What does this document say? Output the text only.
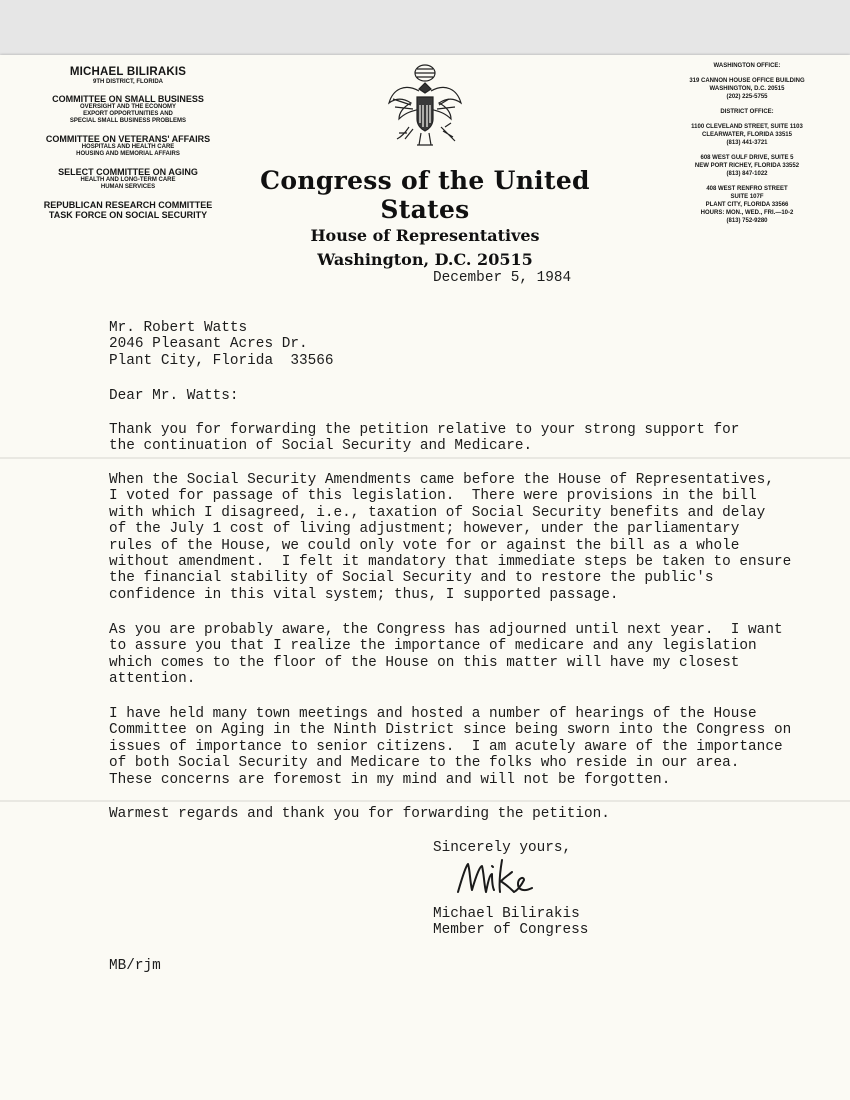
MICHAEL BILIRAKIS
9TH DISTRICT, FLORIDA
COMMITTEE ON SMALL BUSINESS
OVERSIGHT AND THE ECONOMY
EXPORT OPPORTUNITIES AND
SPECIAL SMALL BUSINESS PROBLEMS
COMMITTEE ON VETERANS' AFFAIRS
HOSPITALS AND HEALTH CARE
HOUSING AND MEMORIAL AFFAIRS
SELECT COMMITTEE ON AGING
HEALTH AND LONG-TERM CARE
HUMAN SERVICES
REPUBLICAN RESEARCH COMMITTEE
TASK FORCE ON SOCIAL SECURITY
Congress of the United States
House of Representatives
Washington, D.C. 20515
WASHINGTON OFFICE:
319 CANNON HOUSE OFFICE BUILDING
WASHINGTON, D.C. 20515
(202) 225-5755
DISTRICT OFFICE:
1100 CLEVELAND STREET, SUITE 1103
CLEARWATER, FLORIDA 33515
(813) 441-3721
608 WEST GULF DRIVE, SUITE 5
NEW PORT RICHEY, FLORIDA 33552
(813) 847-1022
408 WEST RENFRO STREET
SUITE 107F
PLANT CITY, FLORIDA 33566
HOURS: MON., WED., FRI.—10-2
(813) 752-9280
December 5, 1984
Mr. Robert Watts
2046 Pleasant Acres Dr.
Plant City, Florida  33566
Dear Mr. Watts:
Thank you for forwarding the petition relative to your strong support for
the continuation of Social Security and Medicare.
When the Social Security Amendments came before the House of Representatives,
I voted for passage of this legislation.  There were provisions in the bill
with which I disagreed, i.e., taxation of Social Security benefits and delay
of the July 1 cost of living adjustment; however, under the parliamentary
rules of the House, we could only vote for or against the bill as a whole
without amendment.  I felt it mandatory that immediate steps be taken to ensure
the financial stability of Social Security and to restore the public's
confidence in this vital system; thus, I supported passage.
As you are probably aware, the Congress has adjourned until next year.  I want
to assure you that I realize the importance of medicare and any legislation
which comes to the floor of the House on this matter will have my closest
attention.
I have held many town meetings and hosted a number of hearings of the House
Committee on Aging in the Ninth District since being sworn into the Congress on
issues of importance to senior citizens.  I am acutely aware of the importance
of both Social Security and Medicare to the folks who reside in our area.
These concerns are foremost in my mind and will not be forgotten.
Warmest regards and thank you for forwarding the petition.
Sincerely yours,
Michael Bilirakis
Member of Congress
MB/rjm
